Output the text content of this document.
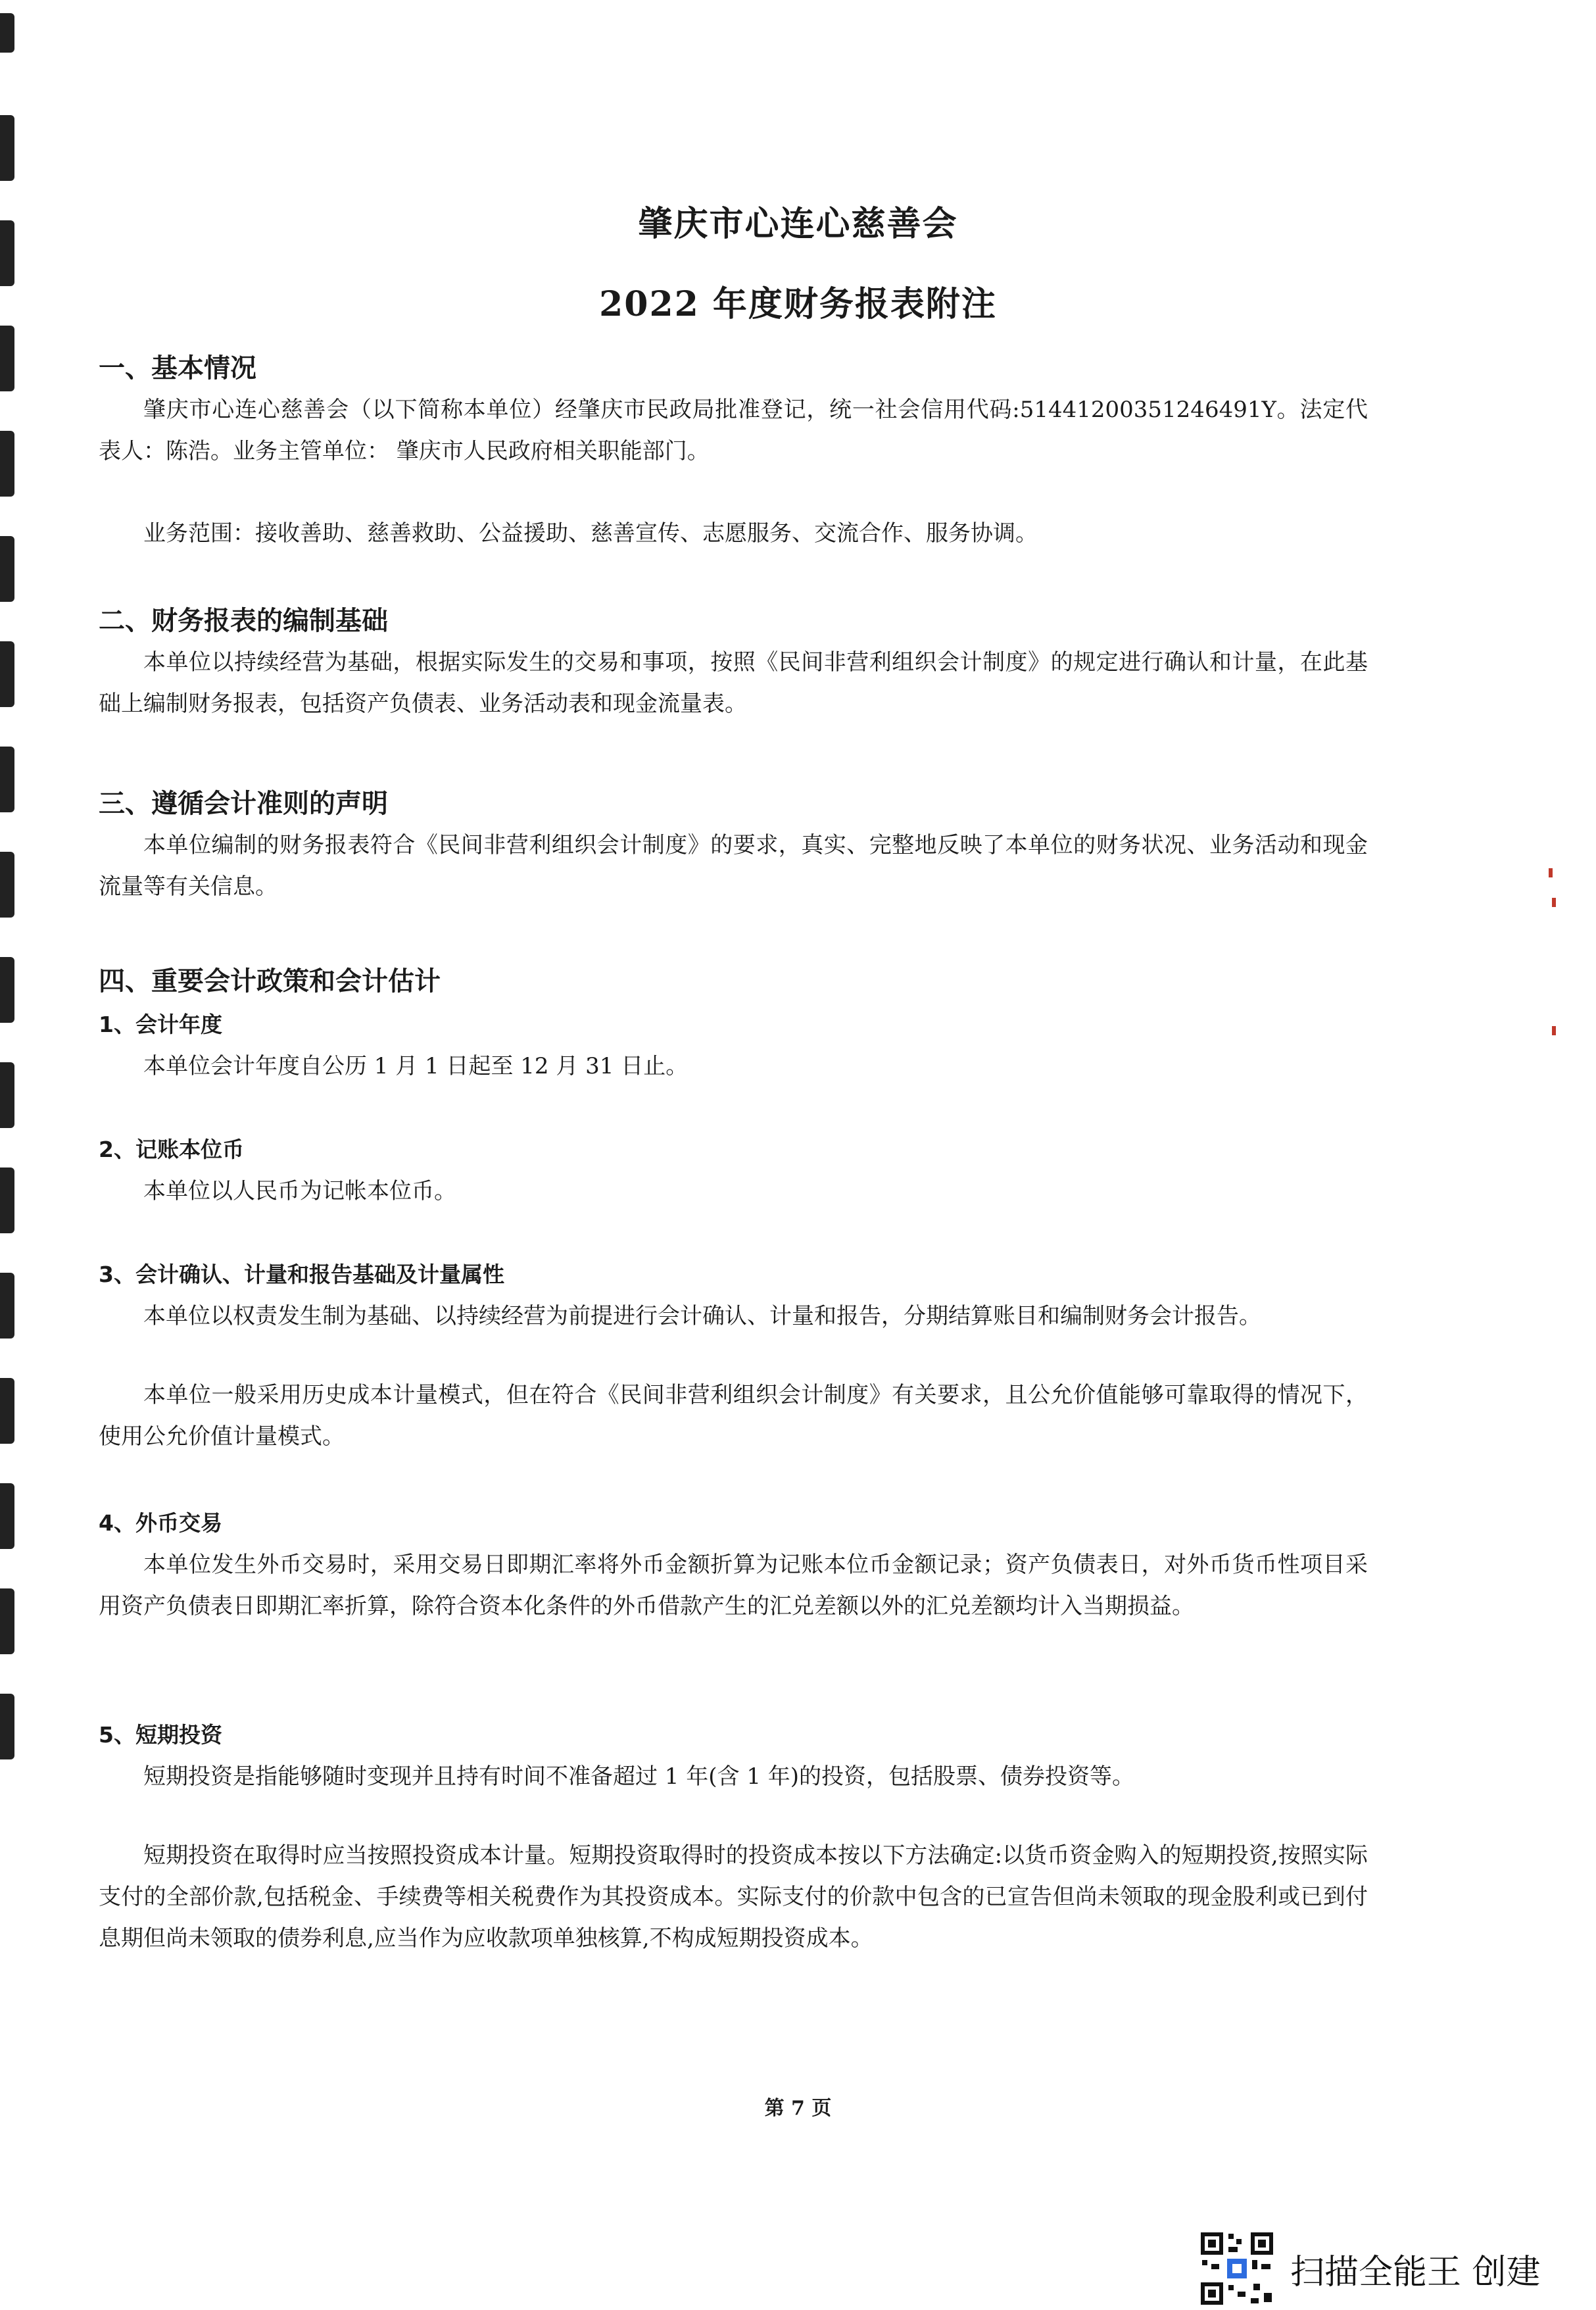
肇庆市心连心慈善会
2022 年度财务报表附注
一、基本情况
肇庆市心连心慈善会（以下简称本单位）经肇庆市民政局批准登记，统一社会信用代码:51441200351246491Y。法定代表人：陈浩。业务主管单位： 肇庆市人民政府相关职能部门。
业务范围：接收善助、慈善救助、公益援助、慈善宣传、志愿服务、交流合作、服务协调。
二、财务报表的编制基础
本单位以持续经营为基础，根据实际发生的交易和事项，按照《民间非营利组织会计制度》的规定进行确认和计量，在此基础上编制财务报表，包括资产负债表、业务活动表和现金流量表。
三、遵循会计准则的声明
本单位编制的财务报表符合《民间非营利组织会计制度》的要求，真实、完整地反映了本单位的财务状况、业务活动和现金流量等有关信息。
四、重要会计政策和会计估计
1、会计年度
本单位会计年度自公历 1 月 1 日起至 12 月 31 日止。
2、记账本位币
本单位以人民币为记帐本位币。
3、会计确认、计量和报告基础及计量属性
本单位以权责发生制为基础、以持续经营为前提进行会计确认、计量和报告，分期结算账目和编制财务会计报告。
本单位一般采用历史成本计量模式，但在符合《民间非营利组织会计制度》有关要求，且公允价值能够可靠取得的情况下，使用公允价值计量模式。
4、外币交易
本单位发生外币交易时，采用交易日即期汇率将外币金额折算为记账本位币金额记录；资产负债表日，对外币货币性项目采用资产负债表日即期汇率折算，除符合资本化条件的外币借款产生的汇兑差额以外的汇兑差额均计入当期损益。
5、短期投资
短期投资是指能够随时变现并且持有时间不准备超过 1 年(含 1 年)的投资，包括股票、债券投资等。
短期投资在取得时应当按照投资成本计量。短期投资取得时的投资成本按以下方法确定:以货币资金购入的短期投资,按照实际支付的全部价款,包括税金、手续费等相关税费作为其投资成本。实际支付的价款中包含的已宣告但尚未领取的现金股利或已到付息期但尚未领取的债券利息,应当作为应收款项单独核算,不构成短期投资成本。
第 7 页
扫描全能王 创建
